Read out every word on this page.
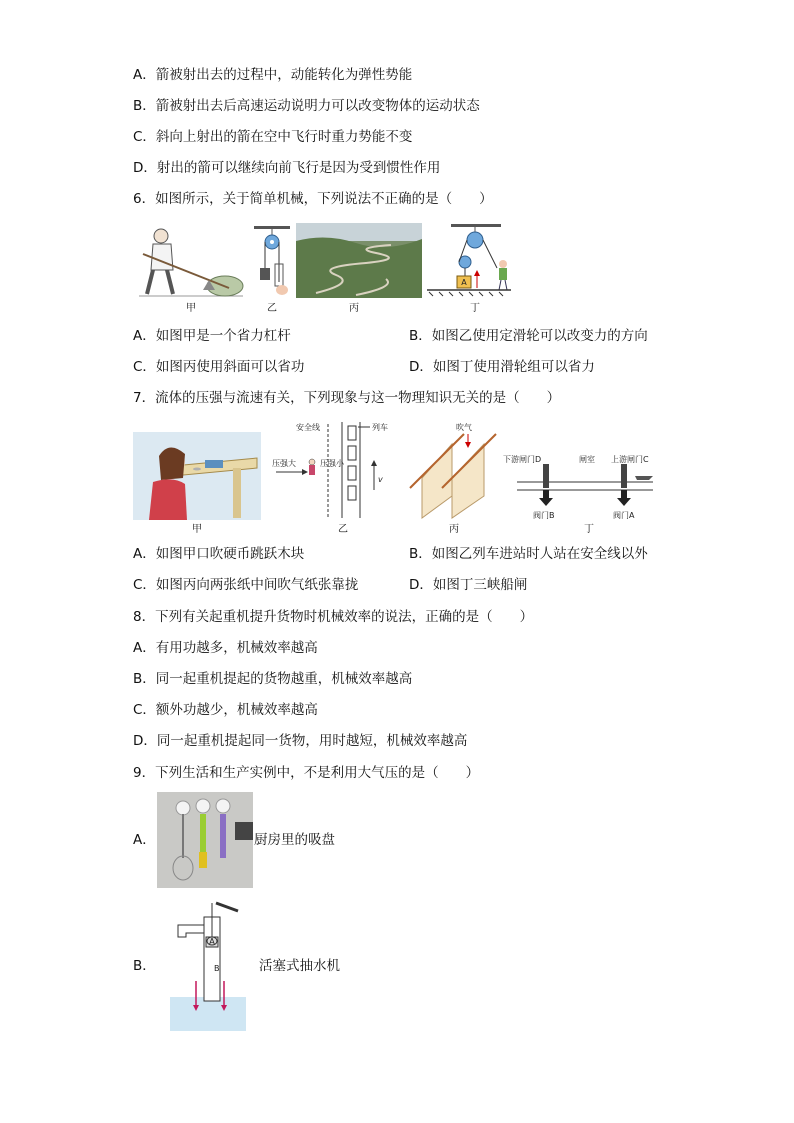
A．箭被射出去的过程中，动能转化为弹性势能
B．箭被射出去后高速运动说明力可以改变物体的运动状态
C．斜向上射出的箭在空中飞行时重力势能不变
D．射出的箭可以继续向前飞行是因为受到惯性作用
6．如图所示，关于简单机械，下列说法不正确的是（　　）
甲	乙	丙
A
丁
A．如图甲是一个省力杠杆	B．如图乙使用定滑轮可以改变力的方向
C．如图丙使用斜面可以省功	D．如图丁使用滑轮组可以省力
7．流体的压强与流速有关，下列现象与这一物理知识无关的是（　　）
甲
安全线	列车
压强大	压强小
v
乙
吹气
丙
下游闸门D	闸室 上游闸门C
阀门B	阀门A
丁
A．如图甲口吹硬币跳跃木块	B．如图乙列车进站时人站在安全线以外
C．如图丙向两张纸中间吹气纸张靠拢	D．如图丁三峡船闸
8．下列有关起重机提升货物时机械效率的说法，正确的是（　　）
A．有用功越多，机械效率越高
B．同一起重机提起的货物越重，机械效率越高
C．额外功越少，机械效率越高
D．同一起重机提起同一货物，用时越短，机械效率越高
9．下列生活和生产实例中，不是利用大气压的是（　　）
A．	厨房里的吸盘
B．
A
B	活塞式抽水机
